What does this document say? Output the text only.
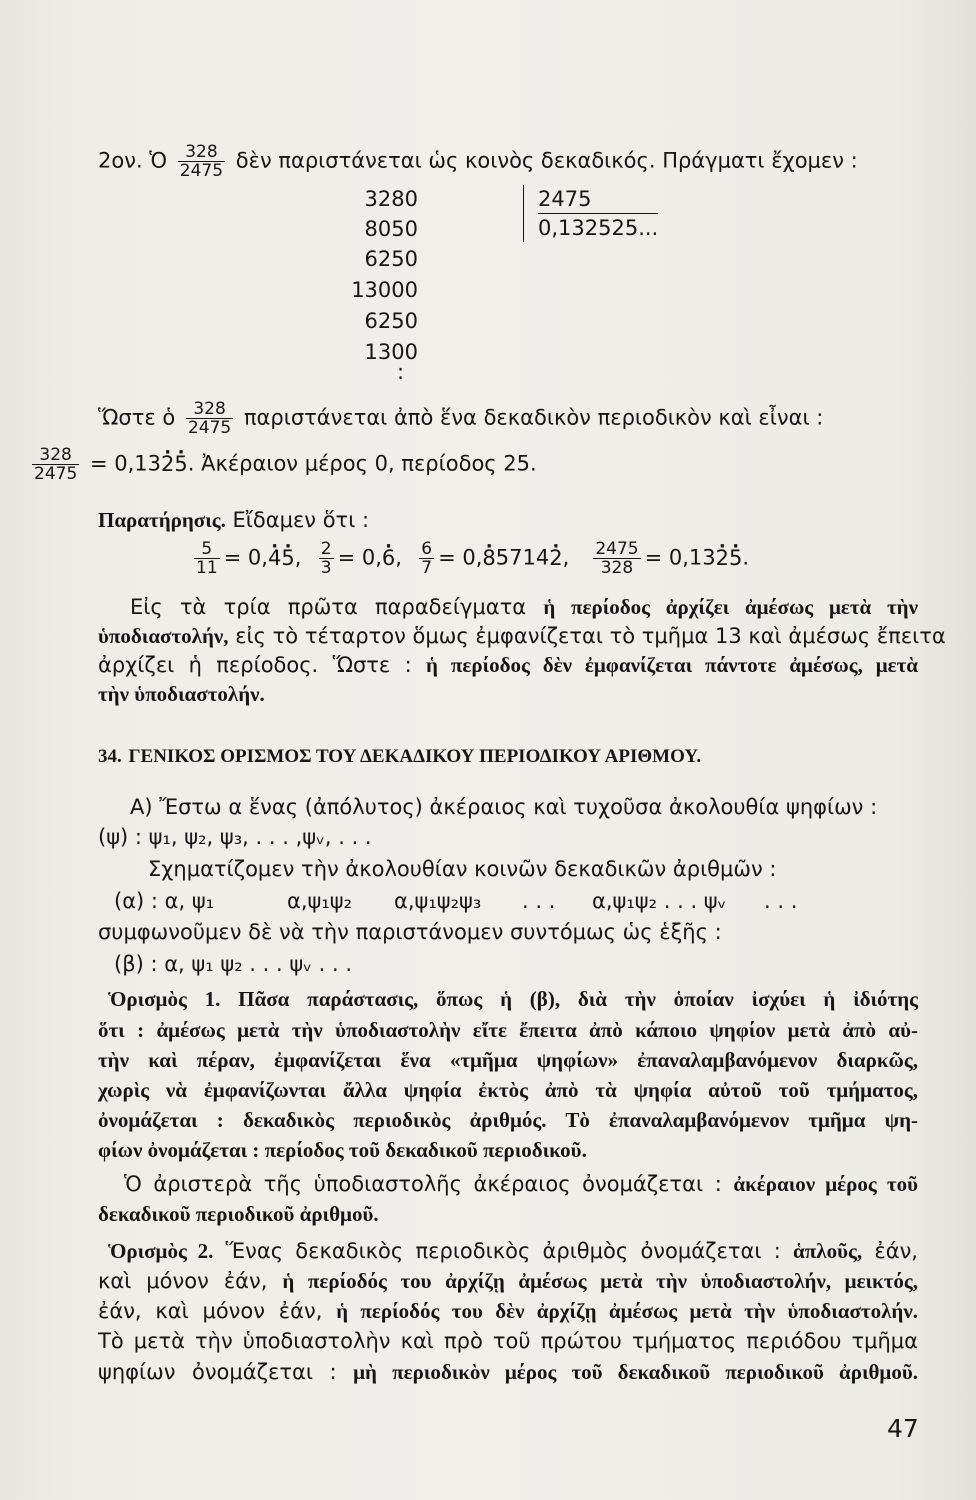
2ον. Ὁ $\frac{328}{2475}$ δὲν παριστάνεται ὡς κοινὸς δεκαδικός. Πράγματι ἔχομεν :
3280
8050
6250
13000
6250
1300
:
2475
0,132525...
Ὥστε ὁ $\frac{328}{2475}$ παριστάνεται ἀπὸ ἕνα δεκαδικὸν περιοδικὸν καὶ εἶναι :
$\frac{328}{2475} = 0,13\cdot 2\cdot 5$. Ἀκέραιον μέρος 0, περίοδος 25.
Παρατήρησις. Εἴδαμεν ὅτι :
$\frac{5}{11} = 0,\cdot 4\cdot 5$, $\frac{2}{3} = 0,\cdot 6$, $\frac{6}{7} = 0,\cdot 85714\cdot 2$, $\frac{2475}{328} = 0,13\cdot 2\cdot 5$.
Εἰς τὰ τρία πρῶτα παραδείγματα ἡ περίοδος ἀρχίζει ἀμέσως μετὰ τὴν
ὑποδιαστολήν, εἰς τὸ τέταρτον ὅμως ἐμφανίζεται τὸ τμῆμα 13 καὶ ἀμέσως ἔπειτα
ἀρχίζει ἡ περίοδος. Ὥστε : ἡ περίοδος δὲν ἐμφανίζεται πάντοτε ἀμέσως, μετὰ
τὴν ὑποδιαστολήν.
34. ΓΕΝΙΚΟΣ ΟΡΙΣΜΟΣ ΤΟΥ ΔΕΚΑΔΙΚΟΥ ΠΕΡΙΟΔΙΚΟΥ ΑΡΙΘΜΟΥ.
Α) Ἔστω α ἕνας (ἀπόλυτος) ἀκέραιος καὶ τυχοῦσα ἀκολουθία ψηφίων :
(ψ) : ψ₁, ψ₂, ψ₃, . . . ,ψᵥ, . . .
Σχηματίζομεν τὴν ἀκολουθίαν κοινῶν δεκαδικῶν ἀριθμῶν :
(α) : α, ψ₁	α,ψ₁ψ₂ α,ψ₁ψ₂ψ₃ . . . α,ψ₁ψ₂ . . . ψᵥ . . .
συμφωνοῦμεν δὲ νὰ τὴν παριστάνομεν συντόμως ὡς ἑξῆς :
(β) : α, ψ₁ ψ₂ . . . ψᵥ . . .
Ὁρισμὸς 1. Πᾶσα παράστασις, ὅπως ἡ (β), διὰ τὴν ὁποίαν ἰσχύει ἡ ἰδιότης
ὅτι : ἀμέσως μετὰ τὴν ὑποδιαστολὴν εἴτε ἔπειτα ἀπὸ κάποιο ψηφίον μετὰ ἀπὸ αὐ-
τὴν καὶ πέραν, ἐμφανίζεται ἕνα «τμῆμα ψηφίων» ἐπαναλαμβανόμενον διαρκῶς,
χωρὶς νὰ ἐμφανίζωνται ἄλλα ψηφία ἐκτὸς ἀπὸ τὰ ψηφία αὐτοῦ τοῦ τμήματος,
ὀνομάζεται : δεκαδικὸς περιοδικὸς ἀριθμός. Τὸ ἐπαναλαμβανόμενον τμῆμα ψη-
φίων ὀνομάζεται : περίοδος τοῦ δεκαδικοῦ περιοδικοῦ.
Ὁ ἀριστερὰ τῆς ὑποδιαστολῆς ἀκέραιος ὀνομάζεται : ἀκέραιον μέρος τοῦ
δεκαδικοῦ περιοδικοῦ ἀριθμοῦ.
Ὁρισμὸς 2. Ἕνας δεκαδικὸς περιοδικὸς ἀριθμὸς ὀνομάζεται : ἁπλοῦς, ἐάν,
καὶ μόνον ἐάν, ἡ περίοδός του ἀρχίζῃ ἀμέσως μετὰ τὴν ὑποδιαστολήν, μεικτός,
ἐάν, καὶ μόνον ἐάν, ἡ περίοδός του δὲν ἀρχίζῃ ἀμέσως μετὰ τὴν ὑποδιαστολήν.
Τὸ μετὰ τὴν ὑποδιαστολὴν καὶ πρὸ τοῦ πρώτου τμήματος περιόδου τμῆμα
ψηφίων ὀνομάζεται : μὴ περιοδικὸν μέρος τοῦ δεκαδικοῦ περιοδικοῦ ἀριθμοῦ.
47
